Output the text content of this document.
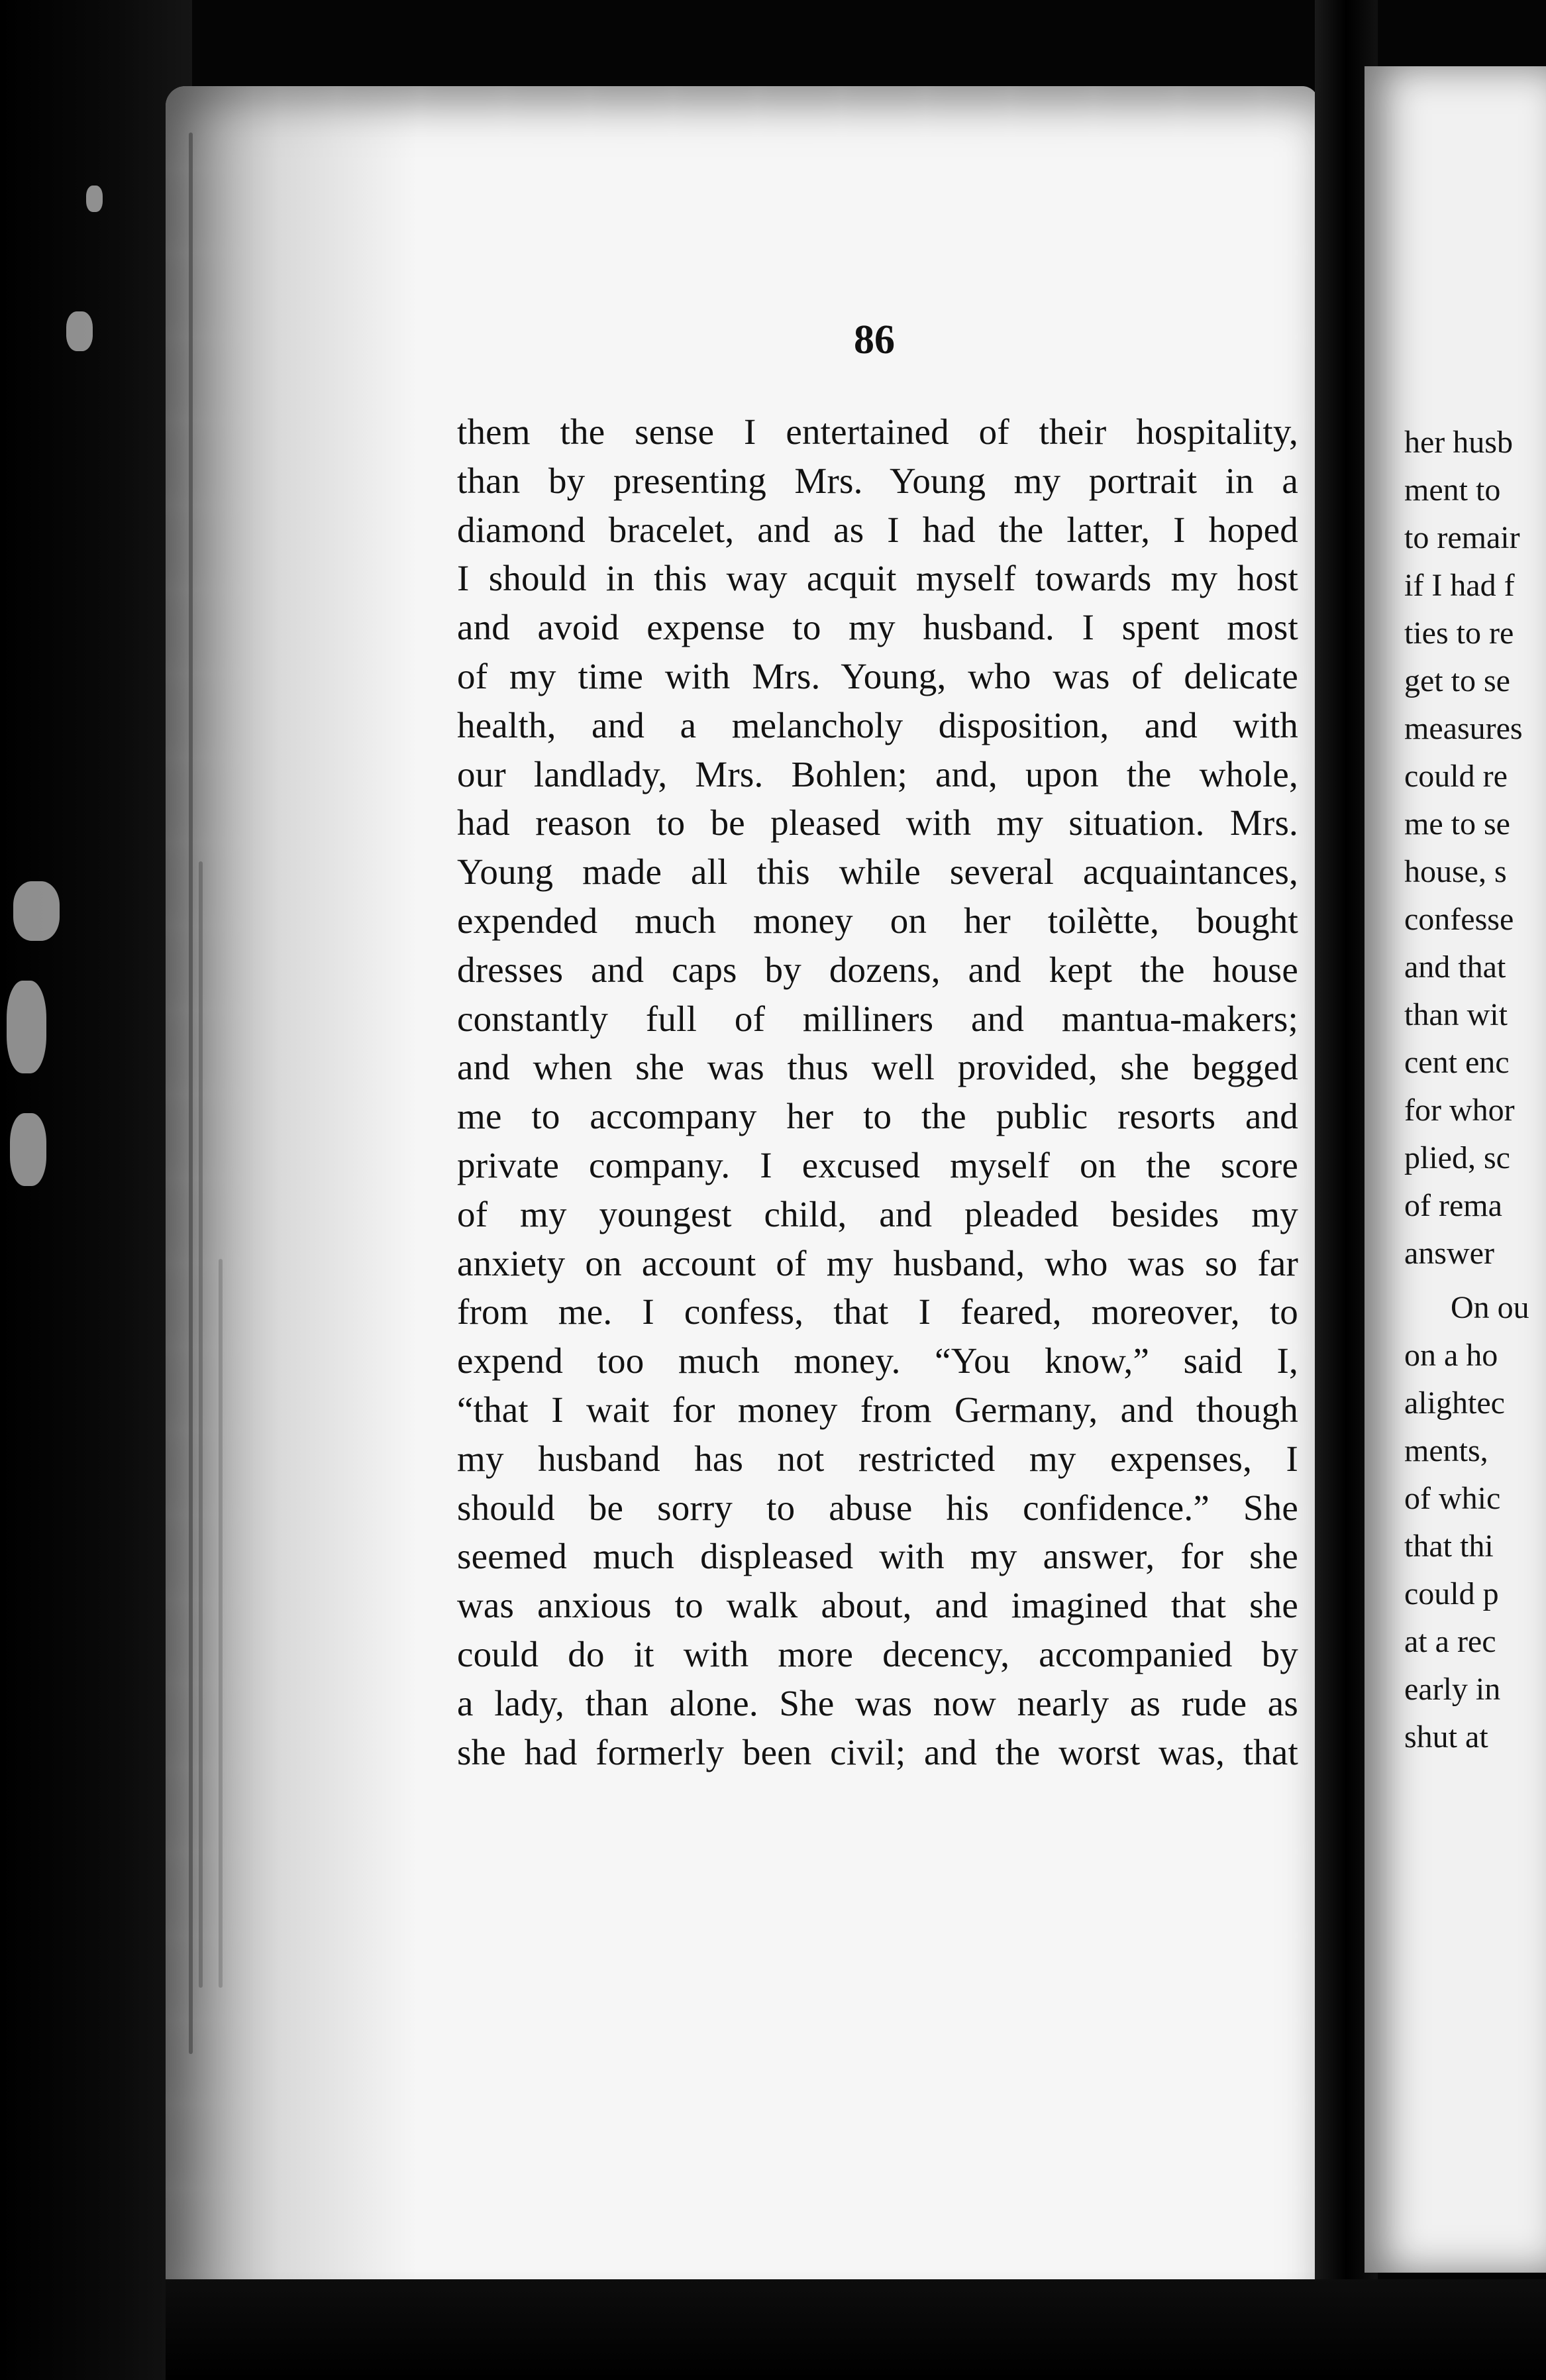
86
them the sense I entertained of their hospitality,
than by presenting Mrs. Young my portrait in a
diamond bracelet, and as I had the latter, I hoped
I should in this way acquit myself towards my host
and avoid expense to my husband. I spent most
of my time with Mrs. Young, who was of delicate
health, and a melancholy disposition, and with
our landlady, Mrs. Bohlen; and, upon the whole,
had reason to be pleased with my situation. Mrs.
Young made all this while several acquaintances,
expended much money on her toilètte, bought
dresses and caps by dozens, and kept the house
constantly full of milliners and mantua-makers;
and when she was thus well provided, she begged
me to accompany her to the public resorts and
private company. I excused myself on the score
of my youngest child, and pleaded besides my
anxiety on account of my husband, who was so far
from me. I confess, that I feared, moreover, to
expend too much money. “You know,” said I,
“that I wait for money from Germany, and though
my husband has not restricted my expenses, I
should be sorry to abuse his confidence.” She
seemed much displeased with my answer, for she
was anxious to walk about, and imagined that she
could do it with more decency, accompanied by
a lady, than alone. She was now nearly as rude as
she had formerly been civil; and the worst was, that
her husb
ment to
to remair
if I had f
ties to re
get to se
measures
could re
me to se
house, s
confesse
and that
than wit
cent enc
for whor
plied, sc
of rema
answer
On ou
on a ho
alightec
ments,
of whic
that thi
could p
at a rec
early in
shut at
